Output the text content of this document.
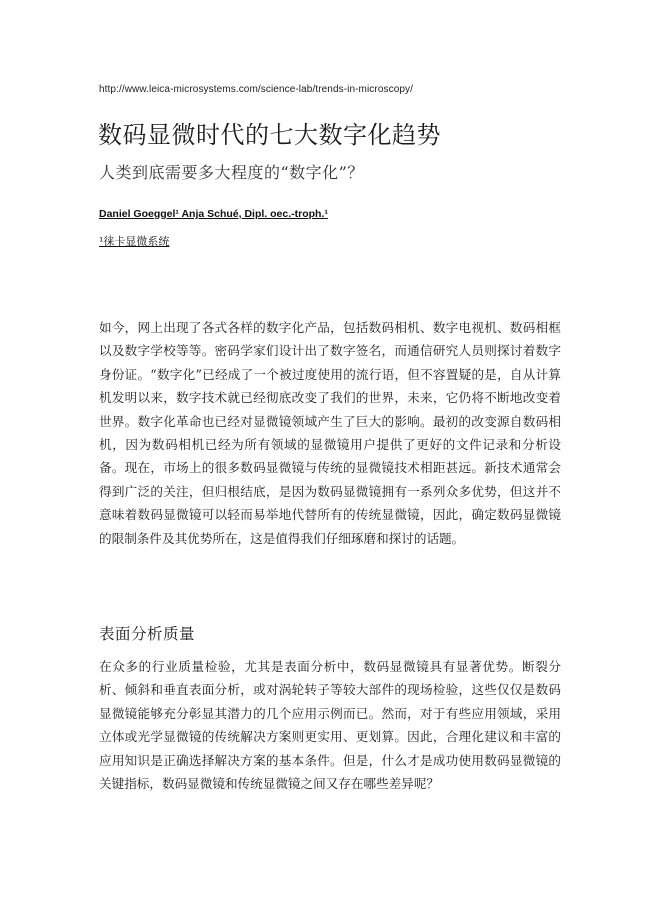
http://www.leica-microsystems.com/science-lab/trends-in-microscopy/
数码显微时代的七大数字化趋势
人类到底需要多大程度的“数字化”？
Daniel Goeggel¹ Anja Schué, Dipl. oec.-troph.¹
¹徕卡显微系统

如今，网上出现了各式各样的数字化产品，包括数码相机、数字电视机、数码相框以及数字学校等等。密码学家们设计出了数字签名，而通信研究人员则探讨着数字身份证。“数字化”已经成了一个被过度使用的流行语，但不容置疑的是，自从计算机发明以来，数字技术就已经彻底改变了我们的世界，未来，它仍将不断地改变着世界。数字化革命也已经对显微镜领域产生了巨大的影响。最初的改变源自数码相机，因为数码相机已经为所有领域的显微镜用户提供了更好的文件记录和分析设备。现在，市场上的很多数码显微镜与传统的显微镜技术相距甚远。新技术通常会得到广泛的关注，但归根结底，是因为数码显微镜拥有一系列众多优势，但这并不意味着数码显微镜可以轻而易举地代替所有的传统显微镜，因此，确定数码显微镜的限制条件及其优势所在，这是值得我们仔细琢磨和探讨的话题。

表面分析质量

在众多的行业质量检验，尤其是表面分析中，数码显微镜具有显著优势。断裂分析、倾斜和垂直表面分析，或对涡轮转子等较大部件的现场检验，这些仅仅是数码显微镜能够充分彰显其潜力的几个应用示例而已。然而，对于有些应用领域，采用立体或光学显微镜的传统解决方案则更实用、更划算。因此，合理化建议和丰富的应用知识是正确选择解决方案的基本条件。但是，什么才是成功使用数码显微镜的关键指标，数码显微镜和传统显微镜之间又存在哪些差异呢？
